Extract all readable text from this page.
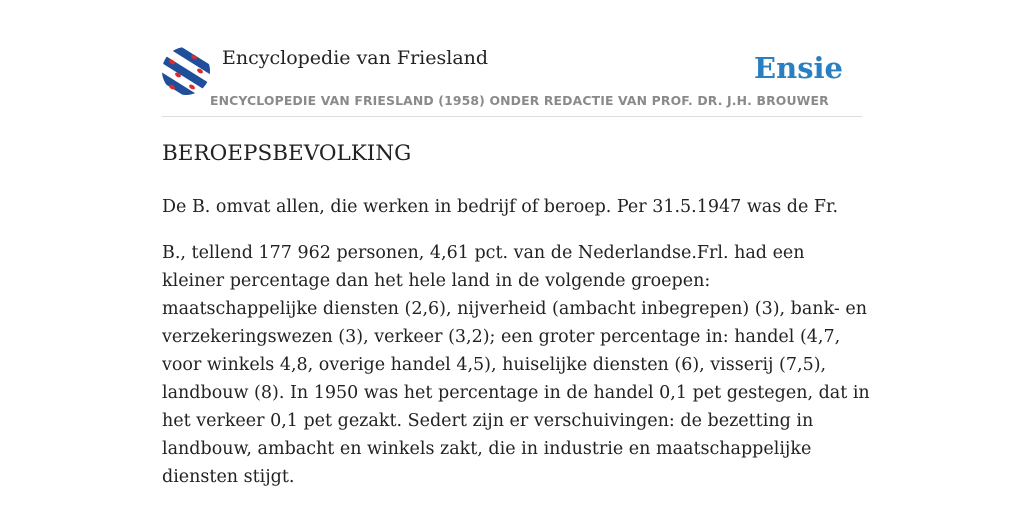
Encyclopedie van Friesland	Ensie
ENCYCLOPEDIE VAN FRIESLAND (1958) ONDER REDACTIE VAN PROF. DR. J.H. BROUWER
BEROEPSBEVOLKING

De B. omvat allen, die werken in bedrijf of beroep. Per 31.5.1947 was de Fr.

B., tellend 177 962 personen, 4,61 pct. van de Nederlandse.Frl. had een kleiner percentage dan het hele land in de volgende groepen: maatschappelijke diensten (2,6), nijverheid (ambacht inbegrepen) (3), bank- en verzekeringswezen (3), verkeer (3,2); een groter percentage in: handel (4,7, voor winkels 4,8, overige handel 4,5), huiselijke diensten (6), visserij (7,5), landbouw (8). In 1950 was het percentage in de handel 0,1 pet gestegen, dat in het verkeer 0,1 pet gezakt. Sedert zijn er verschuivingen: de bezetting in landbouw, ambacht en winkels zakt, die in industrie en maatschappelijke diensten stijgt.
